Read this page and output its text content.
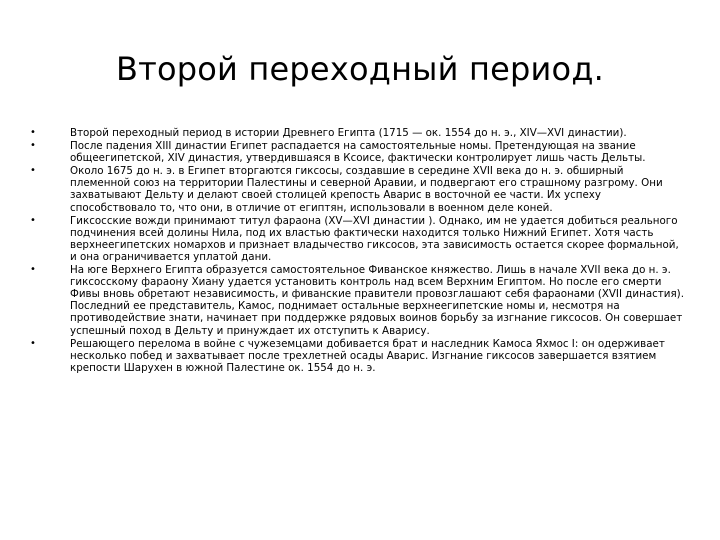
Второй переходный период.
•	Второй переходный период в истории Древнего Египта (1715 — ок. 1554 до н. э., XIV—XVI династии).
•	После падения XIII династии Египет распадается на самостоятельные номы. Претендующая на звание общеегипетской, XIV династия, утвердившаяся в Ксоисе, фактически контролирует лишь часть Дельты.
•	Около 1675 до н. э. в Египет вторгаются гиксосы, создавшие в середине XVII века до н. э. обширный племенной союз на территории Палестины и северной Аравии, и подвергают его страшному разгрому. Они захватывают Дельту и делают своей столицей крепость Аварис в восточной ее части. Их успеху способствовало то, что они, в отличие от египтян, использовали в военном деле коней.
•	Гиксосские вожди принимают титул фараона (XV—XVI династии ). Однако, им не удается добиться реального подчинения всей долины Нила, под их властью фактически находится только Нижний Египет. Хотя часть верхнеегипетских номархов и признает владычество гиксосов, эта зависимость остается скорее формальной, и она ограничивается уплатой дани.
•	На юге Верхнего Египта образуется самостоятельное Фиванское княжество. Лишь в начале XVII века до н. э. гиксосскому фараону Хиану удается установить контроль над всем Верхним Египтом. Но после его смерти Фивы вновь обретают независимость, и фиванские правители провозглашают себя фараонами (XVII династия). Последний ее представитель, Камос, поднимает остальные верхнеегипетские номы и, несмотря на противодействие знати, начинает при поддержке рядовых воинов борьбу за изгнание гиксосов. Он совершает успешный поход в Дельту и принуждает их отступить к Аварису.
•	Решающего перелома в войне с чужеземцами добивается брат и наследник Камоса Яхмос I: он одерживает несколько побед и захватывает после трехлетней осады Аварис. Изгнание гиксосов завершается взятием крепости Шарухен в южной Палестине ок. 1554 до н. э.
